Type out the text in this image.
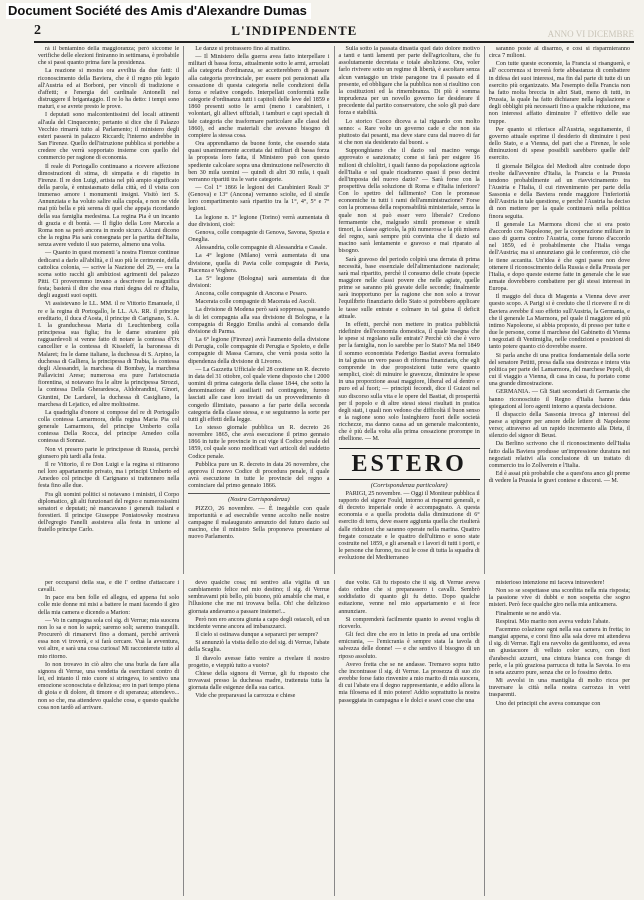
Document Société des Amis d'Alexandre Dumas
2	L'INDIPENDENTE	ANNO VI DICEMBRE

rà il beniamino della maggioranza; però siccome le verifiche delle elezioni finiranno in settimana, è probabile che si passi quanto prima fare la presidenza.

La reazione si mostra ora avvilita da due fatti: il riconoscimento della Baviera, che è il regno più legato all'Austria ed ai Borboni, per vincoli di tradizione e d'affetti; e l'energia del cardinale Antonelli nel distruggere il brigantaggio. Il re lo ha detto: i tempi sono maturi, e se avrete presto le prove.

I deputati sono malcontentissimi del locali attinenti all'aula del Cinquecento; pertanto si dice che il Palazzo Vecchio rimarrà tutto al Parlamento; il ministero degli esteri passerà in palazzo Riccardi; l'interno andrebbe in San Firenze. Quello dell'istruzione pubblica si portebbe a credere che verrà sopportato insieme con quello del commercio per ragione di economia.

Il reale di Portogallo continuano a ricevere affezione dimostrazioni di stima, di simpatia e di rispetto in Firenze. Il re don Luigi, artista nel più ampio significato della parola, è entusiasmato della città, ed il visita con immenso amore i monumenti insigni. Visitò ieri S. Annunziata e ha voluto salire sulla cupola, e non ne vide mai più bella e più serena di quel che appaja ricordando della sua famiglia medesima. La regina Pia è un incanto di grazia e di bontà. — Il figlio della Lore Marcela a Roma non sa però ancora in modo sicuro. Alcuni dicono che la regina Pia sarà consegnata per la partita del'Italia, senza avere veduto il suo paterno, almeno una volta.

— Quanto in quest momenti 'a nostra Firenze continue dedicarsi a darlo all'abilità, e il suo più le cerimonie, della cattolica colonia, — scrive la Nazione del 29, — era la scena sotto racchi gli ambiziosi agrimenti del palazzo Pitti. Ci proveremmo invano a descrivere la magnifica festa; basterà il dire che essa riunì degna del re d'Italia, degli augusti suoi ospiti.

Vi assistevano le LL. MM. il re Vittorio Emanuele, il re e la regina di Portogallo, le LL. AA. RR. il principe ereditario, il duca d'Aosta, il principe di Carignano, S. A. I. la granduchessa Maria di Leuchtenberg colla principessa sua figlia; fra le dame straniere più ragguardevoli si venne fatto di notare la contessa d'Ox cancellier e la contessa di Kisseleff, la baronessa di Malaret; fra le dame italiane, la duchessa di S. Arpino, la duchessa di Galliera, la principessa di Trabia, la contessa degli Alessandri, la marchesa di Bombay, la marchesa Pallavicini Arese; numerosa era pure l'aristocrazia fiorentina, si notavano fra le altre la principessa Strozzi, la contessa Della Gherardesca, Aldobrandini, Ginori, Giuntini, De Lardarel, la duchessa di Casigliano, la marchesa di Lejatico, ed altre moltissime.

La quadriglia d'onore si compose del re di Portogallo colla contessa Lamarmora, della regina Maria Pia col generale Lamarmora, del principe Umberto colla contessa Della Rocca, del principe Amedeo colla contessa di Sonnaz.

Non vi presero parte le principesse di Russia, perchè giunsero più tardi alla festa.

Il re Vittorio, il re Don Luigi e la regina si ritirarono nel loro appartamento privato, ma i principi Umberto ed Amedeo col principe di Carignano si trattennero nella festa fino alle due.

Fra gli uomini politici si notavano i ministri, il Corpo diplomatico, gli alti funzionari del regno e numerosissimi senatori e deputati; nè mancavano i generali italiani e forestieri. Il principe Giuseppe Poniatowsky mostrava dell'egregio Fanelli assisteva alla festa in unione al fratello principe Carlo.

Le danze si protrassero fino al mattino.

— Il Ministero della guerra avea fatto interpellare i militari di bassa forza, attualmente sotto le armi, arruolati alla categoria d'ordinanza, se accetterebbero di passare alla categoria provinciale, per essere poi pensionati alla cessazione di questa categoria nelle condizioni della forza e relative congedo. Interpellati conformità nelle categorie d'ordinanza tutti i capitoli delle leve del 1859 e 1860 presenti sotto le armi (meno i carabinieri, i volontari, gli allievi uffiziali, i tamburi e capi speciali di tale categoria che trasformare particolare alle classi del 1860), ed anche materiali che avevano bisogno di compiere la stessa cosa.

Ora apprendiamo da buone fonte, che essendo stata quasi unanimemente accettata dai militari di bassa forza la proposta loro fatta, il Ministero può con questo spediente calcolare sopra una diminuzione nell'esercito di ben 30 mila uomini — quindi di altri 30 mila, i quali verranno ripartiti tra le varie categorie.

— Col 1° 1866 le legioni dei Carabinieri Reali 3° (Genova) e 13° (Ancona) verranno sciolte, ed il simile loro compartimento sarà ripartito tra la 1°, 4°, 5° e 7° legioni.

La legione n. 1° legione (Torino) verrà aumentata di due divisioni, cioè:

Genova, colle compagnie di Genova, Savona, Spezia e Oneglia.

Alessandria, colle compagnie di Alessandria e Casale.

La 4° legione (Milano) verrà aumentata di una divisione, quella di Pavia colle compagnie di Pavia, Piacenza e Voghera.

La 5° legione (Bologna) sarà aumentata di due divisioni:

Ancona, colle compagnie di Ancona e Pesaro.

Macerata colle compagnie di Macerata ed Ascoli.

La divisione di Modena però sarà soppressa, passando la di lei compagnia alla sua divisione di Bologna, e la compagnia di Reggio Emilia andrà al comando della divisione di Parma.

La 6° legione (Firenze) avrà l'aumento della divisione di Perugia, colle compagnie di Perugia e Spoleto, e delle compagnie di Massa Carrara, che verrà posta sotto la dipendenza della divisione di Livorno.

— La Gazzetta Ufficiale del 28 contiene un R. decreto in data del 31 ottobre, col quale viene disposto che i 2000 uomini di prima categoria della classe 1844, che sotto la denominazione di ausiliarii nel contingente, furono lasciati alle case loro inviati da un provvedimento di congedo illimitato, passano a far parte della seconda categoria della classe stessa, e se seguiranno la sorte per tutti gli effetti della legge.

Lo stesso giornale pubblica un R. decreto 26 novembre 1865, che avrà esecuzione il primo gennaio 1866 in tutte le provincie in cui vige il Codice penale del 1859, col quale sono modificati vari articoli del suddetto Codice penale.

Pubblica pure un R. decreto in data 26 novembre, che approva il nuovo Codice di procedura penale, il quale avrà esecuzione in tutte le provincie del regno a cominciare dal primo gennaio 1866.

(Nostra Corrispondenza)

PIZZO, 26 novembre. — È inegabile con quale importunità e ad esecrabile venne accolto nelle nostre campagne il malaugurato annunzio del futuro dazio sul macino, che il ministro Sella proponeva presentare al nuovo Parlamento.

Sulla sotto la passata dinastia quel dato dolore motivo a tanti e tanti lamenti per parte dell'agricoltura, che fu assolutamente decretata e totale abolizione. Ora, voler farlo rivivere sotto un regime di libertà, è ascoltare senza alcun vantaggio un triste paragone tra il passato ed il presente, ed obbligare che la pubblica non si risultino con la costituzioni ed la rimembranza. Di più è somma imprudenza per un novello governo far desiderare il precedente dal partito conservatore, che solo gli può dare forza e stabilità.

Lo storico Cuoco diceva a tal riguardo con molto senno: « Rare volte un governo cade e che non sia piuttosto dai pesanti, ma deve stare cura dal nuovo di far si che non sia desiderato dal buoni. »

Supponghiamo che il dazio sul macino venga approvato e sanzionato; come si farà per esigere 16 milioni di chilolitri, i quali fanno da popolazione agricola dell'Italia e sul quale ricadranno quasi il peso decimi dell'imposta del nuovo dazio? — Sarà forse con la prospettiva della soluzione di Roma e d'Italia inferiore? Con lo spettro del fallimento? Con le promesse economiche in tutti i rami dell'amministrazione? Forse con la promessa della responsabilità ministeriale, senza la quale non si può esser vero liberale? Credono fermamente che, malgrado simili promesse e simili timori, la classe agricola, la più numerosa e la più misera del regno, sarà sempre più convinta che il dazio sul macino sarà lentamente e gravoso e mai riparato al bisogno.

Sarà gravoso del periodo colpirà una derrata di prima necessità, base essenziale dell'alimentazione nazionale; sarà mal ripartito, perchè il consumo delle civate (specie maggiore nelle classi povere che nelle agiate, quelle prime se saranno più gravate delle seconde; finalmente sarà inopportuno per la ragione che non solo a trovar l'equilibrio finanziario dello Stato si potrebbero applicare le tasse sulle entrate e colmare in tal guisa il deficit attuale.

In effetti, perchè non mettere in pratica pubblicità ridefinire dell'economia domestica, il quale insegna che le spese si regolano sulle entrate? Perchè ciò che è vero per la famiglia, non lo sarebbe per lo Stato? Ma nel 1849 il sommo economista Federigo Bastiat aveva formulato in tal guisa un vero passo di riforma finanziaria, che egli comprende in due proposizioni tutte vere quanto semplici, cioè: di minuire le gravezze, diminuire le spese in una proporzione assai maggiore, liberal ed al dentro e puro ed al fuori; — principii fecondi, dice il Guizot nel suo discorso sulla vita e le opere del Bastiat, di prosperità per il popolo e di altre stessi stessi risultati in pratica degli stati, i quali non vedono che difficoltà il buon senso e la ragione sono solo lusinghiero fuori delle società ricchezze, ma danno causa ad un generale malcontento, che è più della volta alla prima cessazione prorompe in ribellione. — M.

ESTERO
(Corrispondenza particolare)

PARIGI, 25 novembre. — Oggi il Moniteur pubblica il rapporto del signor Fould, intorno ai risparmi generali, e di decreto imperiale onde è accompagnato. A questa economia e a quella prodotta dalla diminuzione di 6° esercito di terra, deve essere aggiunta quella che risulterà dalle riduzioni che saranno operate nella marina. Quattro fregate corazzate e le quattro dell'ultimo e sono state costruite nel 1859, e gli arsenali e i lavori di tutti i porti, e le persone che furono, tra cui le cose di tutta la squadra di evoluzione del Mediterraneo

saranno poste al disarmo, e così si risparmieranno circa 7 milioni.

Con tutte queste economie, la Francia si risanguerà, e all' occorrenza si troverà forte abbastanza di combattere in difesa dei suoi interessi, ma fin dal parte di tutte di un esercito più organizzato. Ma l'esempio della Francia non ha fatto molta breccia in altri Stati, meno di tutti, in Prussia, la quale ha fatto dichiarare nella legislazione e degli obblighi più necessarii fino a qualche riduzione, ma non interessi affatto diminuire l' effettivo delle sue truppe.

Per quanto si riferisce all'Austria, seguitamente, il governo attuale esprime il desiderio di diminuire i pesi dello Stato, e a Vienna, del pari che a Firenze, le sole diminuzioni di spese possibili sarebbero quelle dell' esercito.

Il giornale Bélgica del Mediodi altre contrade dopo rivolte dall'avvenire d'Italia, la Francia e la Prussia tendono probabilmente ad un riavvicinamento tra l'Austria e l'Italia, il cui rinvenimento per parte della Sassonia e della Baviera rende maggiore l'inferiorità dell'Austria in tale questione, e perchè l'Austria ha deciso di non mettere per la quale continuerà nella politica finora seguita.

Il generale La Marmora dicesi che si era posto d'accordo con Napoleone, per la cooperazione militare in caso di guerra contro l'Austria, come furono d'accordo nel 1859, ed è probabilmente che l'Italia venga dell'Austria; ma si annunziano già le conferenze, ciò che le tiene accanita. Un'idea è che ogni paese non dove ottenere il riconoscimento della Russia e della Prussia per l'Italia, e dopo queste esterne fatte in generale che le sue armate dovrebbero combattere per gli stessi interessi in Europa.

Il maggio del duca di Magenta a Vienna deve aver questo scopo. A Parigi si è creduto che il ricevere il re di Baviera avrebbe il suo effetto sull'Austria, la Germania, e che il generale La Marmora, pel quale il maggiore ed più intimo Napoleone, si abbia proposto, di presso per tutte e due le persone, come il marchese del Gabinetto di Vienna i negoziati di Ventimiglia, nelle condizioni e posizioni di tanto potere quanto ciò dovrebbe essere.

Si parla anche di una pratica fondamentale della sorte del senatore Petitti, presa dalla sua destrezza e intera vita politica per parte del Lamarmora, del marchese Pepoli, di cui il viaggio a Vienna, di casa in casa, fu portato come una grande dimostrazione.

GERMANIA. — Gli Stati secondarii di Germania che hanno riconosciuto il Regno d'Italia hanno data spiegazioni al loro agenti intorno a questa decisione.

Il dispaccio della Sassonia invoca gl' interessi del paese a spingere per amore delle lettere di Napoleone verso; attraverso ad un rapido incremento alla Dieta, il silenzio del signor di Beust.

Da Berlino scrivono che il riconoscimento dell'Italia fatto dalla Baviera produsse un'impressione duratura nei negoziati relativi alla conclusione di un trattato di commercio tra lo Zollverein e l'Italia.

Ed è assai più probabile che a quest'ora anco gli preme di vedere la Prussia le gravi contese e discorsi. — M.

per occuparsi della sua, e diè l' ordine d'attaccare i cavalli.

In pace era ben folle ed allegra, ed appena fui solo colle mie donne mi misi a battere le mani facendo il giro della mia camera e dicendo a Marion:

— Vo in campagna sola col sig. di Verrue; mia suocera non lo sa e non lo saprà; saremo soli; saremo tranquilli. Procurerò di rimanervi fino a domani, perchè arriverà essa non vi troverà, e si farà cercare. Vuà la avventura, voi altre, e sarà una cosa curiosa! Mi racconterete tutto al mio ritorno.

Io non trovavo in ciò altro che una burla da fare alla signora di Verrue, una vendetta da esercitarsi contro di lei, ed intanto il mio cuore si stringeva, io sentivo una emozione sconosciuta e deliziosa; ero in pari tempo piena di gioia e di dolore, di timore e di speranza; attendevo... non so che, ma attendevo qualche cosa, e questo qualche cosa non tardò ad arrivare.

devo qualche cosa; mi sentivo alla vigilia di un cambiamento felice nel mio destino; il sig. di Verrue sembravami più bello, più buono, più amabile che mai, e l'illusione che me mi trovava bella. Oh! che delizioso giornata andavamo a passare insieme!...

Però non ero ancora giunta a capo degli ostacoli, ed un incidente venne ancora ad imbarazzarci.

Il cielo si ostinava dunque a separarci per sempre?

Si annunziò la visita dello zio del sig. di Verrue, l'abate della Scaglia.

Il diavolo avesse fatto venire a rivelare il nostro progetto, e vieppiù tutto a vuoto?

Chiese della signora di Verrue, gli fu risposto che trovavasi presso la duchessa madre, trattenuta tutta la giornata dalle esigenze della sua carica.

Vide che preparavasi la carrozza e chiese

due volte. Gli fu risposto che il sig. di Verrue aveva dato ordine che si preparassero i cavalli. Sembrò soddisfatto di quanto gli fu detto. Dopo qualche esitazione, venne nel mio appartamento e si fece annunziare.

Si comprenderà facilmente quanto io avessi voglia di riceverlo.

Gli feci dire che ero in letto in preda ad una orribile emicrania, — l'emicrania è sempre stata la tavola di salvezza delle donne! — e che sentivo il bisogno di un riposo assoluto.

Avevo fretta che se ne andasse. Tremavo sopra tutto che incontrasse il sig. di Verrue. La prosezza di suo zio avrebbe forse fatto rinvenire a mio marito di mia suocera, di cui l'abate era il degno rappresentante, e addio allora la mia filosena ed il mio potere! Addio soprattutto la nostra passeggiata in campagna e le dolci e soavi cose che una

misterioso intenzione mi faceva intravedere!

Non so se sospettasse una sconfitta nella mia risposta; la passione vive di dubbi e non sospetta che sogno misteri. Però fece qualche giro nella mia anticamera.

Finalmente se ne andò via.

Respirai. Mio marito non aveva veduto l'abate.

Facemmo colazione ogni nella sua camera in fretta; io mangiai appena, e corsi fino alla sala dove mi attendeva il sig. di Verrue. Egli era ravvolto da gentiluomo, ed avea un giustacuore di velluto color scuro, con fiori d'arabeschi azzurri, una cintura bianca con frange di perle, e la più graziosa parrucca di tutta la Savoia. Io era in seta azzurro pure, senza che ce lo fossimo detto.

Mi avvolsi in una mantiglia di molto ricca per traversare la città nella nostra carrozza in vetri trasparenti.

Uno dei principii che aveva comunque con
